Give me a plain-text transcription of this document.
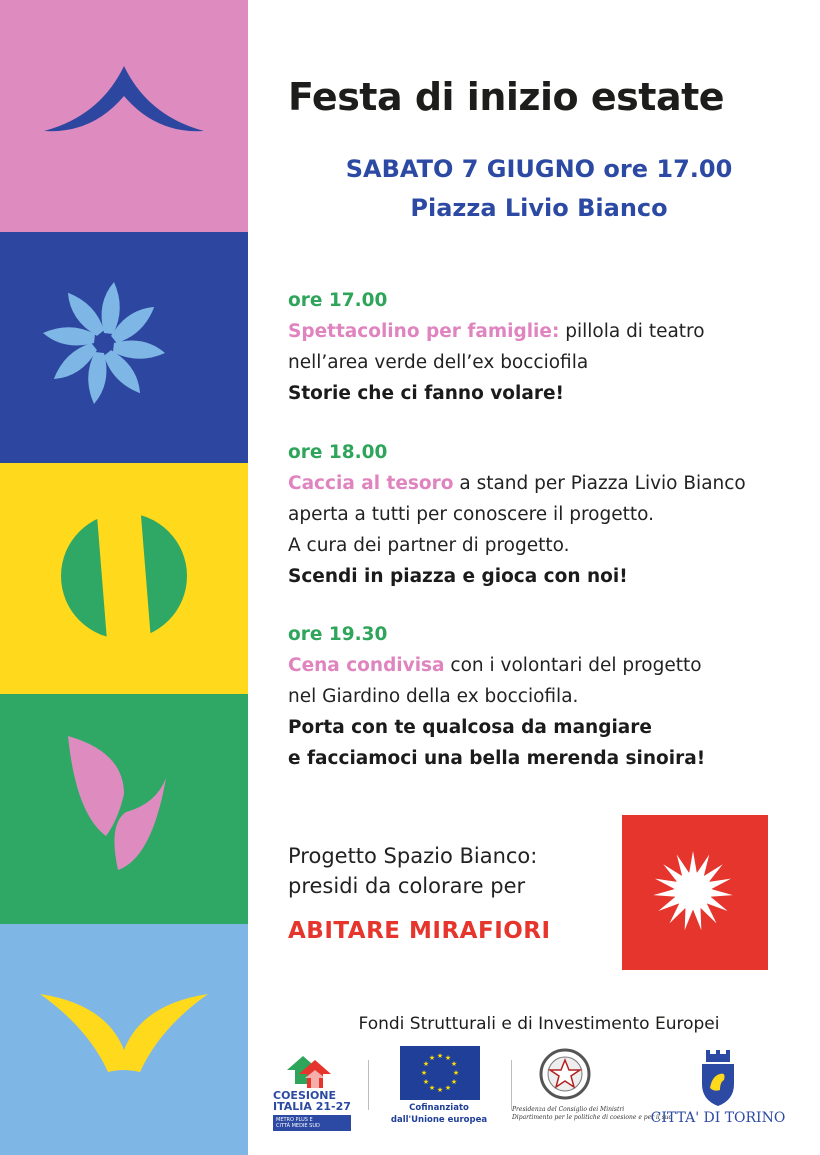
Festa di inizio estate
SABATO 7 GIUGNO ore 17.00
Piazza Livio Bianco
ore 17.00
Spettacolino per famiglie: pillola di teatro
nell’area verde dell’ex bocciofila
Storie che ci fanno volare!
ore 18.00
Caccia al tesoro a stand per Piazza Livio Bianco
aperta a tutti per conoscere il progetto.
A cura dei partner di progetto.
Scendi in piazza e gioca con noi!
ore 19.30
Cena condivisa con i volontari del progetto
nel Giardino della ex bocciofila.
Porta con te qualcosa da mangiare
e facciamoci una bella merenda sinoira!
Progetto Spazio Bianco:
presidi da colorare per
ABITARE MIRAFIORI
Fondi Strutturali e di Investimento Europei
COESIONE
ITALIA 21-27
METRO PLUS E
CITTÀ MEDIE SUD
★ ★
★
★
★
★
★
★
★
★
★
★
Cofinanziato
dall'Unione europea
Presidenza del Consiglio dei Ministri
Dipartimento per le politiche di coesione e per il sud
CITTA' DI TORINO
